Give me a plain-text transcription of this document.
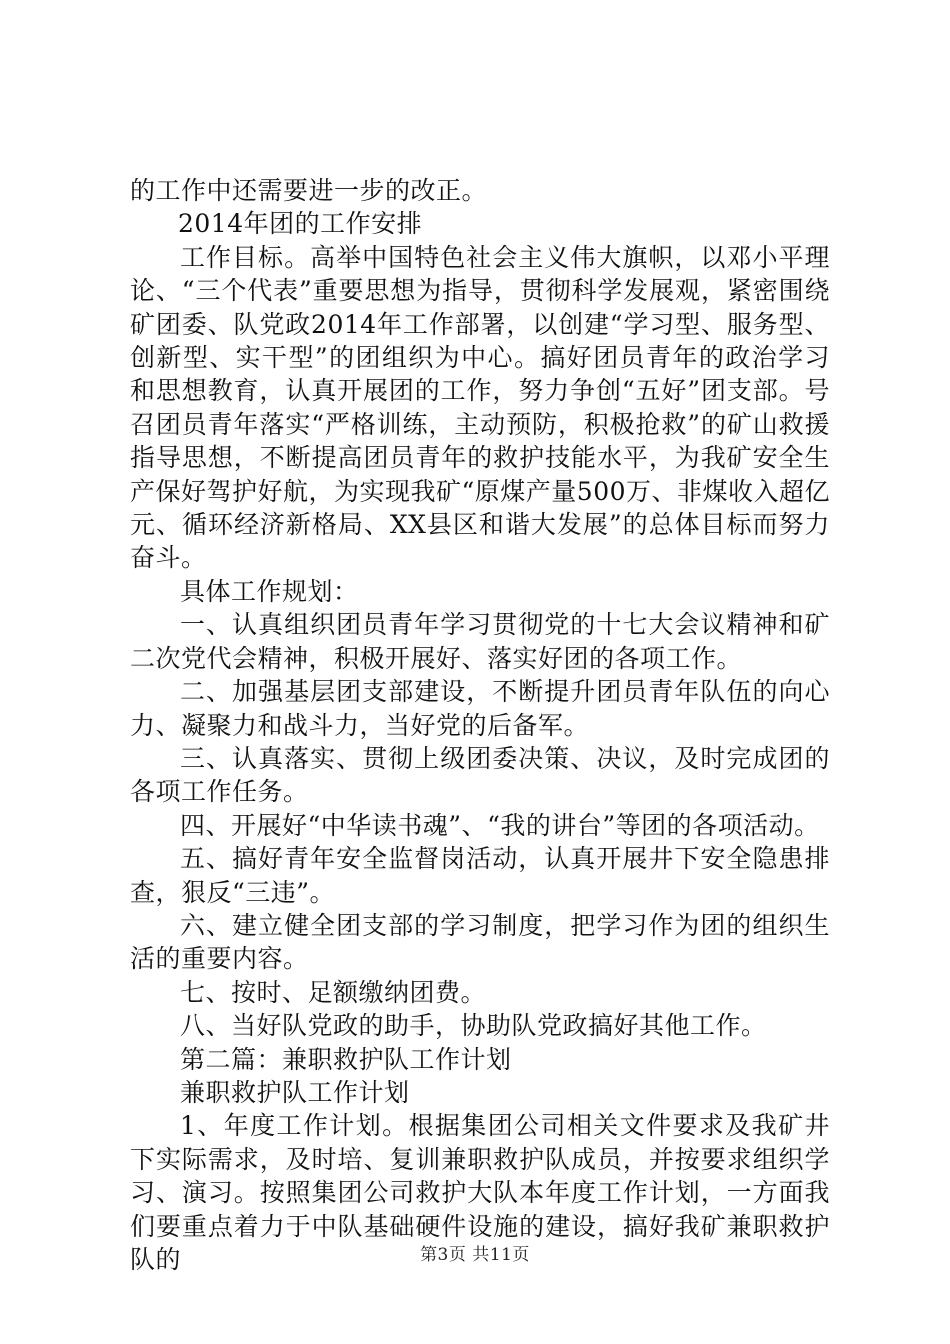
的工作中还需要进一步的改正。

2014年团的工作安排

工作目标。高举中国特色社会主义伟大旗帜，以邓小平理论、“三个代表”重要思想为指导，贯彻科学发展观，紧密围绕矿团委、队党政2014年工作部署，以创建“学习型、服务型、创新型、实干型”的团组织为中心。搞好团员青年的政治学习和思想教育，认真开展团的工作，努力争创“五好”团支部。号召团员青年落实“严格训练，主动预防，积极抢救”的矿山救援指导思想，不断提高团员青年的救护技能水平，为我矿安全生产保好驾护好航，为实现我矿“原煤产量500万、非煤收入超亿元、循环经济新格局、XX县区和谐大发展”的总体目标而努力奋斗。

具体工作规划：

一、认真组织团员青年学习贯彻党的十七大会议精神和矿二次党代会精神，积极开展好、落实好团的各项工作。

二、加强基层团支部建设，不断提升团员青年队伍的向心力、凝聚力和战斗力，当好党的后备军。

三、认真落实、贯彻上级团委决策、决议，及时完成团的各项工作任务。

四、开展好“中华读书魂”、“我的讲台”等团的各项活动。

五、搞好青年安全监督岗活动，认真开展井下安全隐患排查，狠反“三违”。

六、建立健全团支部的学习制度，把学习作为团的组织生活的重要内容。

七、按时、足额缴纳团费。

八、当好队党政的助手，协助队党政搞好其他工作。

第二篇：兼职救护队工作计划

兼职救护队工作计划

1、年度工作计划。根据集团公司相关文件要求及我矿井下实际需求，及时培、复训兼职救护队成员，并按要求组织学习、演习。按照集团公司救护大队本年度工作计划，一方面我们要重点着力于中队基础硬件设施的建设，搞好我矿兼职救护队的	第3页 共11页
